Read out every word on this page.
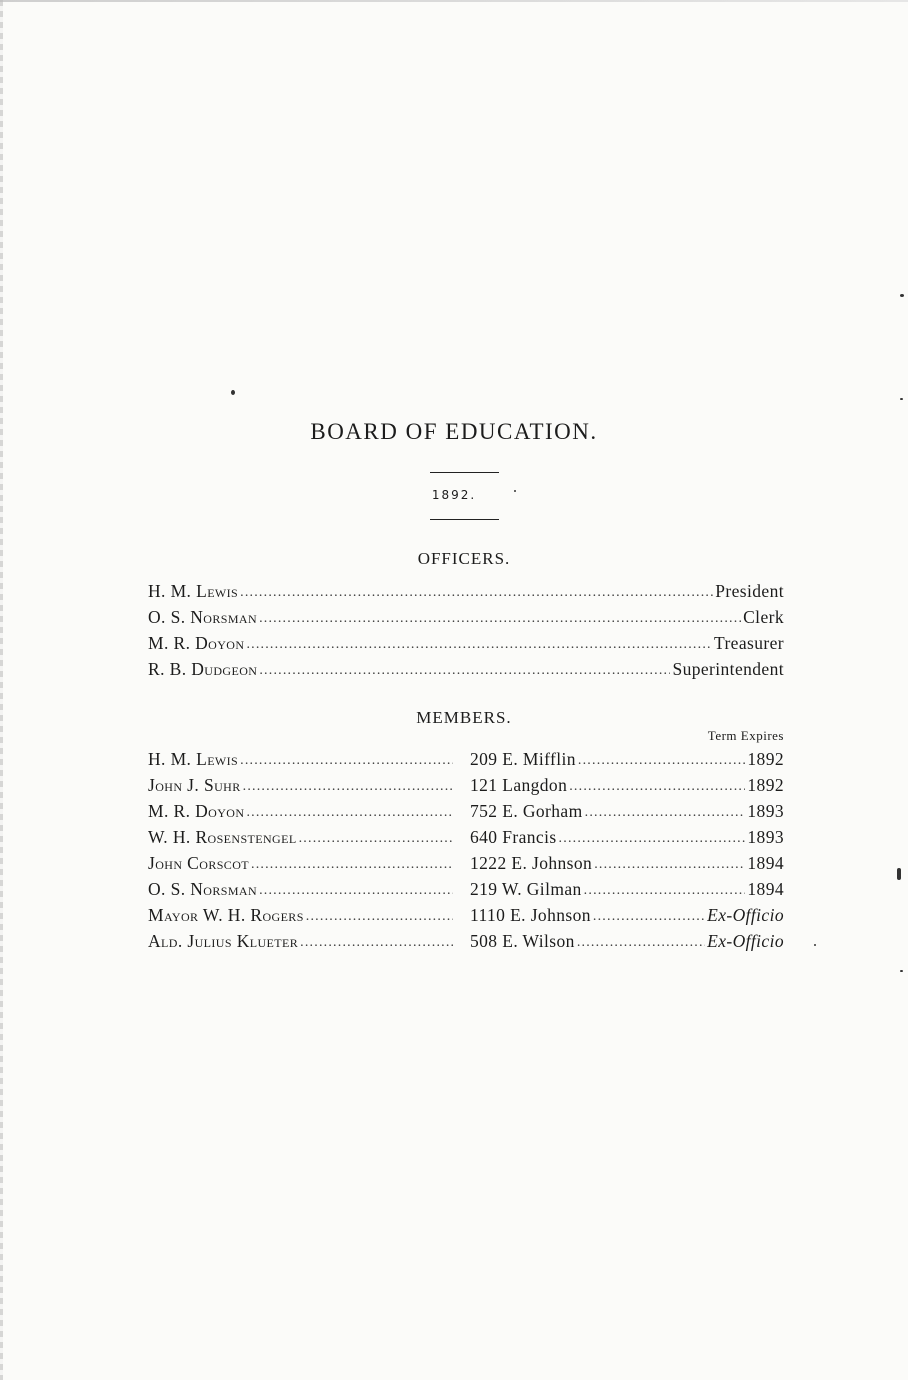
BOARD OF EDUCATION.
1892.
OFFICERS.
H. M. Lewis .....	President
O. S. Norsman .....	Clerk
M. R. Doyon .....	Treasurer
R. B. Dudgeon .....	Superintendent
MEMBERS.
Term Expires
H. M. Lewis .....	209 E. Mifflin .....	1892
John J. Suhr .....	121 Langdon .....	1892
M. R. Doyon .....	752 E. Gorham .....	1893
W. H. Rosenstengel .....	640 Francis .....	1893
John Corscot .....	1222 E. Johnson .....	1894
O. S. Norsman .....	219 W. Gilman .....	1894
Mayor W. H. Rogers .....	1110 E. Johnson .....	Ex-Officio
Ald. Julius Klueter .....	508 E. Wilson .....	Ex-Officio
